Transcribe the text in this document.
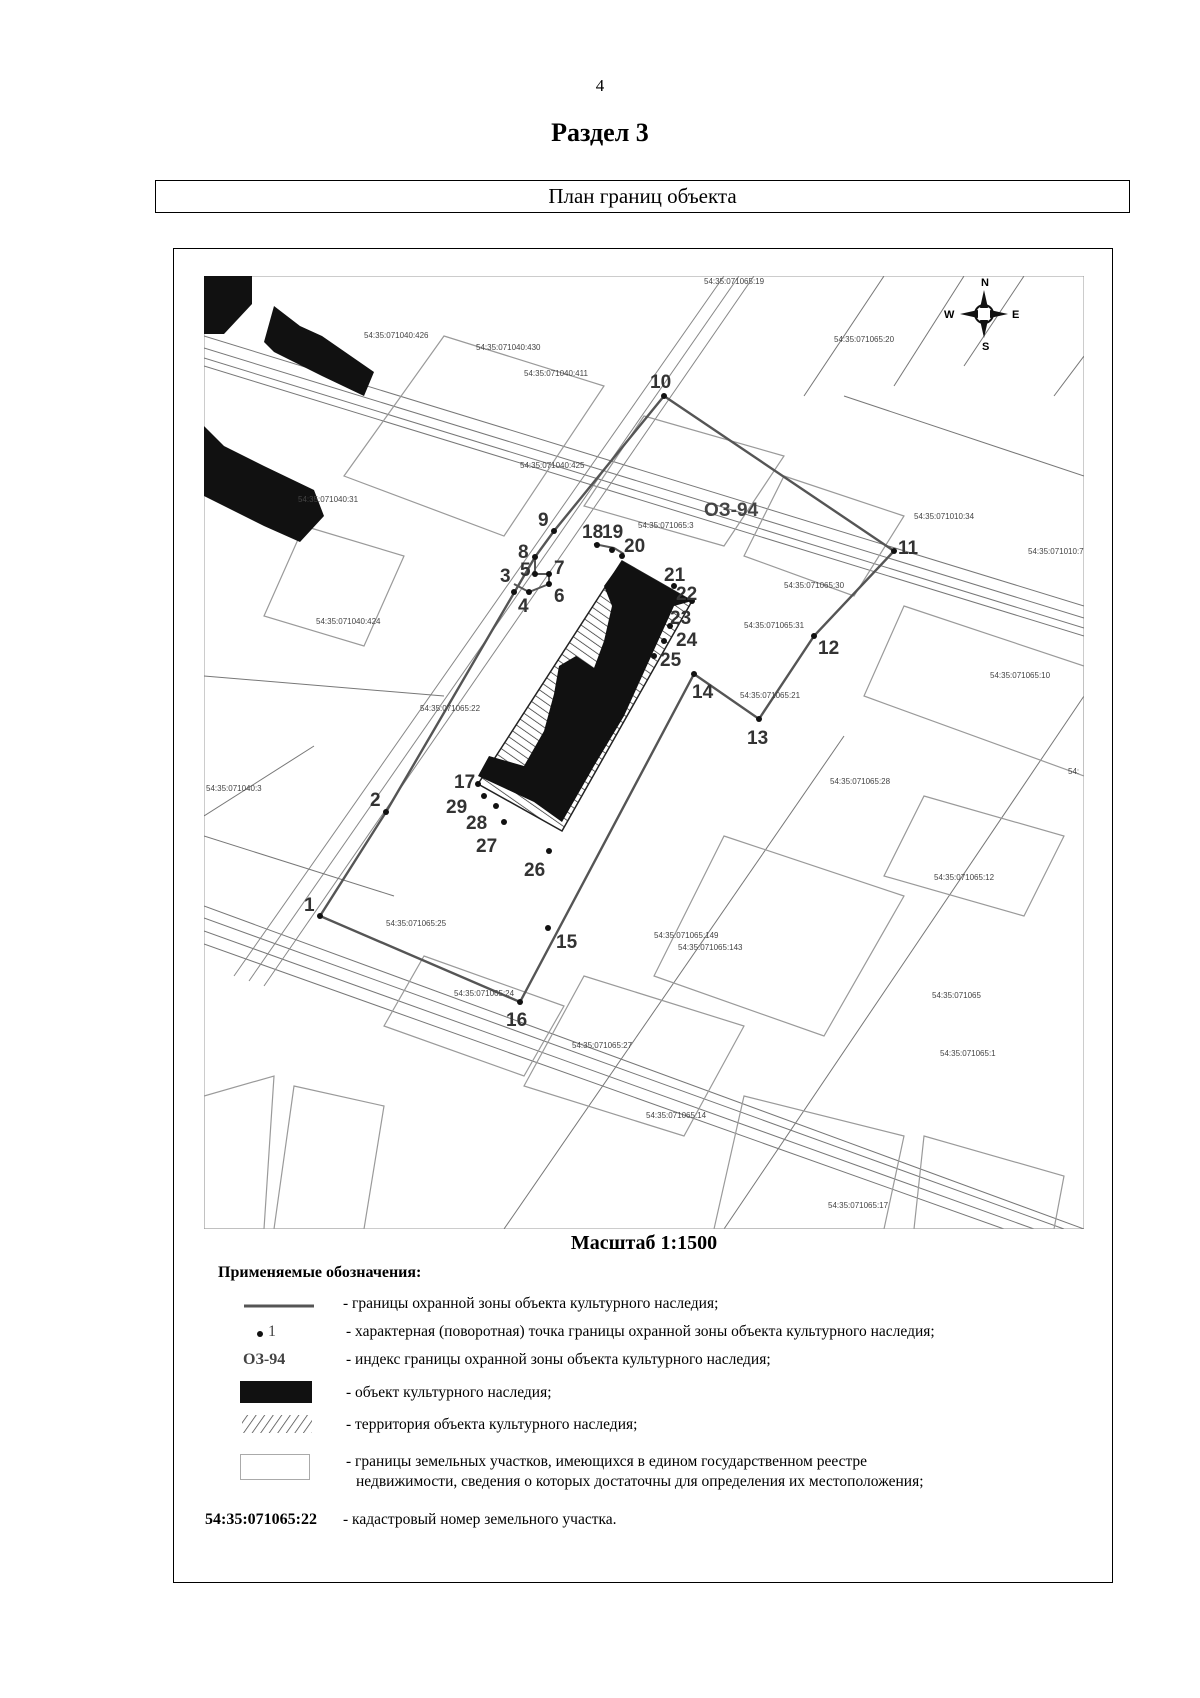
4
Раздел 3
План границ объекта
ОЗ-94
N
S
W	E
1
2
3
4
5
6
7
8
9
10
11
12
13
14
15
16
17
18
19
20
21
22
23
24
25
26
27
28
29
54:35:071065:19
54:35:071040:426
54:35:071040:430
54:35:071040:411
54:35:071065:20
54:35:071040:425
54:35:071040:31
54:35:071065:3
54:35:071065:30
54:35:071010:34
54:35:071010:7
54:35:071065:31
54:35:071040:424
54:35:071065:22
54:35:071065:21
54:35:071065:10
54:35:071065:28
54:35:071040:3
54:35:071065:25
54:35:071065:149
54:35:071065:143
54:35:071065:12
54:35:071065:24	54:35:071065
54:35:071065:27
54:35:071065:1
54:35:071065:14
54:35:071065:17
54:
Масштаб 1:1500
Применяемые обозначения:
- границы охранной зоны объекта культурного наследия;
1	- характерная (поворотная) точка границы охранной зоны объекта культурного наследия;
ОЗ-94	- индекс границы охранной зоны объекта культурного наследия;
- объект культурного наследия;
- территория объекта культурного наследия;
- границы земельных участков, имеющихся в едином государственном реестре
недвижимости, сведения о которых достаточны для определения их местоположения;
54:35:071065:22 - кадастровый номер земельного участка.
